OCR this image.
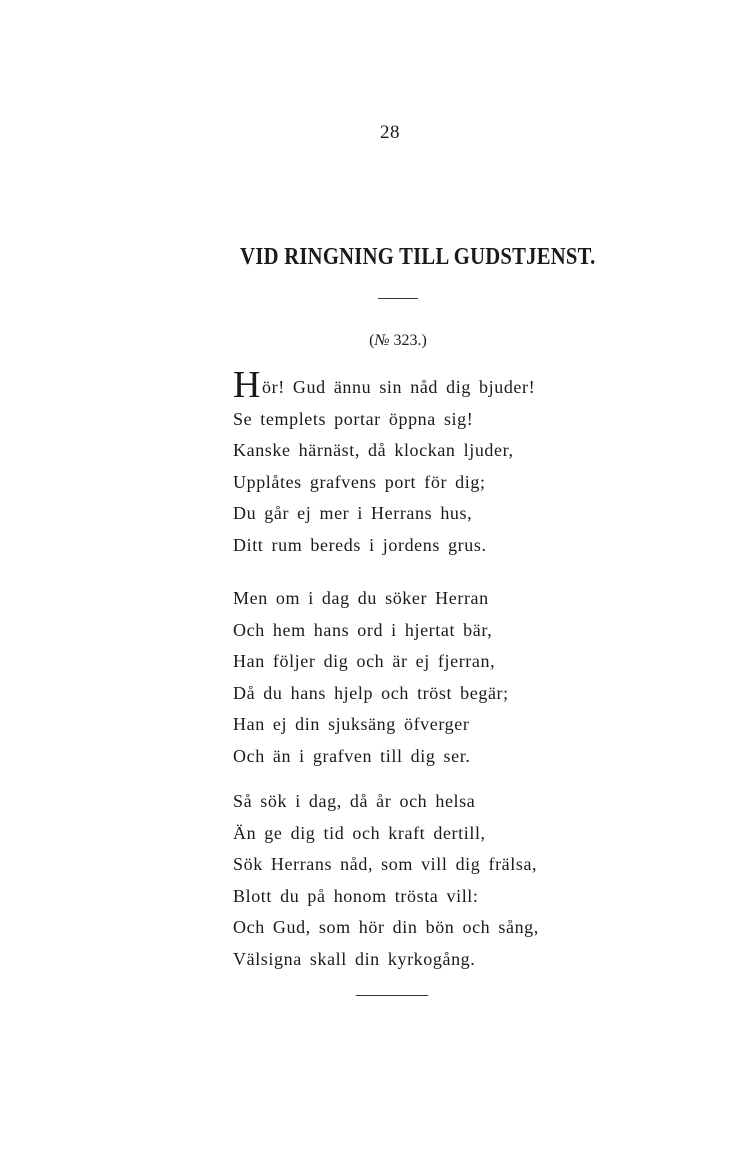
28
VID RINGNING TILL GUDSTJENST.
(№ 323.)
Hör! Gud ännu sin nåd dig bjuder!
Se templets portar öppna sig!
Kanske härnäst, då klockan ljuder,
Upplåtes grafvens port för dig;
Du går ej mer i Herrans hus,
Ditt rum bereds i jordens grus.
Men om i dag du söker Herran
Och hem hans ord i hjertat bär,
Han följer dig och är ej fjerran,
Då du hans hjelp och tröst begär;
Han ej din sjuksäng öfverger
Och än i grafven till dig ser.
Så sök i dag, då år och helsa
Än ge dig tid och kraft dertill,
Sök Herrans nåd, som vill dig frälsa,
Blott du på honom trösta vill:
Och Gud, som hör din bön och sång,
Välsigna skall din kyrkogång.
